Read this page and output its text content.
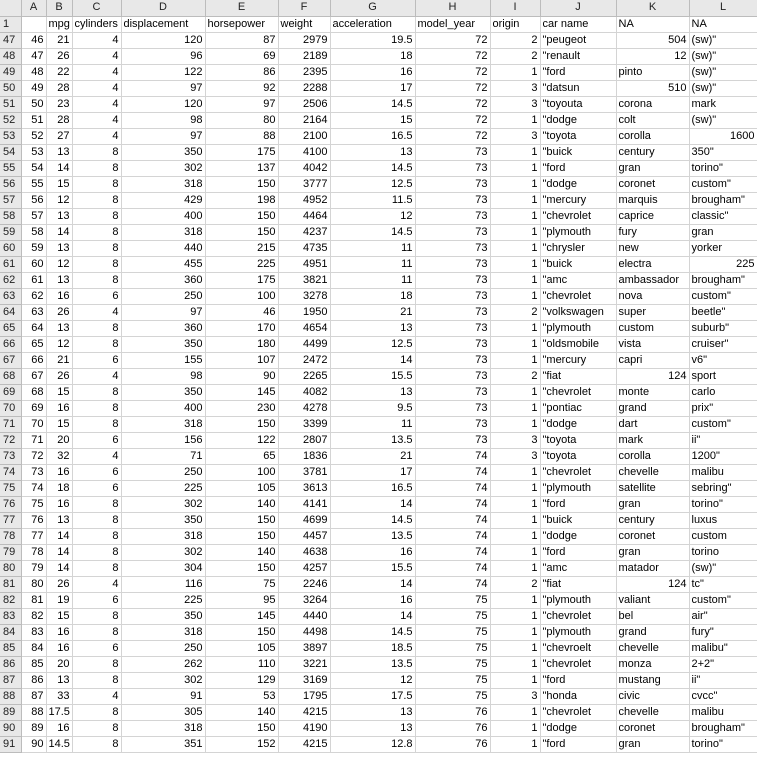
	A	B	C	D	E	F	G	H	I	J	K	L
1		mpg	cylinders	displacement	horsepower	weight	acceleration	model_year	origin	car name	NA	NA
47	46	21	4	120	87	2979	19.5	72	2	"peugeot	504	(sw)"
48	47	26	4	96	69	2189	18	72	2	"renault	12	(sw)"
49	48	22	4	122	86	2395	16	72	1	"ford	pinto	(sw)"
50	49	28	4	97	92	2288	17	72	3	"datsun	510	(sw)"
51	50	23	4	120	97	2506	14.5	72	3	"toyouta	corona	mark
52	51	28	4	98	80	2164	15	72	1	"dodge	colt	(sw)"
53	52	27	4	97	88	2100	16.5	72	3	"toyota	corolla	1600
54	53	13	8	350	175	4100	13	73	1	"buick	century	350"
55	54	14	8	302	137	4042	14.5	73	1	"ford	gran	torino"
56	55	15	8	318	150	3777	12.5	73	1	"dodge	coronet	custom"
57	56	12	8	429	198	4952	11.5	73	1	"mercury	marquis	brougham"
58	57	13	8	400	150	4464	12	73	1	"chevrolet	caprice	classic"
59	58	14	8	318	150	4237	14.5	73	1	"plymouth	fury	gran
60	59	13	8	440	215	4735	11	73	1	"chrysler	new	yorker
61	60	12	8	455	225	4951	11	73	1	"buick	electra	225
62	61	13	8	360	175	3821	11	73	1	"amc	ambassador	brougham"
63	62	16	6	250	100	3278	18	73	1	"chevrolet	nova	custom"
64	63	26	4	97	46	1950	21	73	2	"volkswagen	super	beetle"
65	64	13	8	360	170	4654	13	73	1	"plymouth	custom	suburb"
66	65	12	8	350	180	4499	12.5	73	1	"oldsmobile	vista	cruiser"
67	66	21	6	155	107	2472	14	73	1	"mercury	capri	v6"
68	67	26	4	98	90	2265	15.5	73	2	"fiat	124	sport
69	68	15	8	350	145	4082	13	73	1	"chevrolet	monte	carlo
70	69	16	8	400	230	4278	9.5	73	1	"pontiac	grand	prix"
71	70	15	8	318	150	3399	11	73	1	"dodge	dart	custom"
72	71	20	6	156	122	2807	13.5	73	3	"toyota	mark	ii"
73	72	32	4	71	65	1836	21	74	3	"toyota	corolla	1200"
74	73	16	6	250	100	3781	17	74	1	"chevrolet	chevelle	malibu
75	74	18	6	225	105	3613	16.5	74	1	"plymouth	satellite	sebring"
76	75	16	8	302	140	4141	14	74	1	"ford	gran	torino"
77	76	13	8	350	150	4699	14.5	74	1	"buick	century	luxus
78	77	14	8	318	150	4457	13.5	74	1	"dodge	coronet	custom
79	78	14	8	302	140	4638	16	74	1	"ford	gran	torino
80	79	14	8	304	150	4257	15.5	74	1	"amc	matador	(sw)"
81	80	26	4	116	75	2246	14	74	2	"fiat	124	tc"
82	81	19	6	225	95	3264	16	75	1	"plymouth	valiant	custom"
83	82	15	8	350	145	4440	14	75	1	"chevrolet	bel	air"
84	83	16	8	318	150	4498	14.5	75	1	"plymouth	grand	fury"
85	84	16	6	250	105	3897	18.5	75	1	"chevroelt	chevelle	malibu"
86	85	20	8	262	110	3221	13.5	75	1	"chevrolet	monza	2+2"
87	86	13	8	302	129	3169	12	75	1	"ford	mustang	ii"
88	87	33	4	91	53	1795	17.5	75	3	"honda	civic	cvcc"
89	88	17.5	8	305	140	4215	13	76	1	"chevrolet	chevelle	malibu
90	89	16	8	318	150	4190	13	76	1	"dodge	coronet	brougham"
91	90	14.5	8	351	152	4215	12.8	76	1	"ford	gran	torino"
